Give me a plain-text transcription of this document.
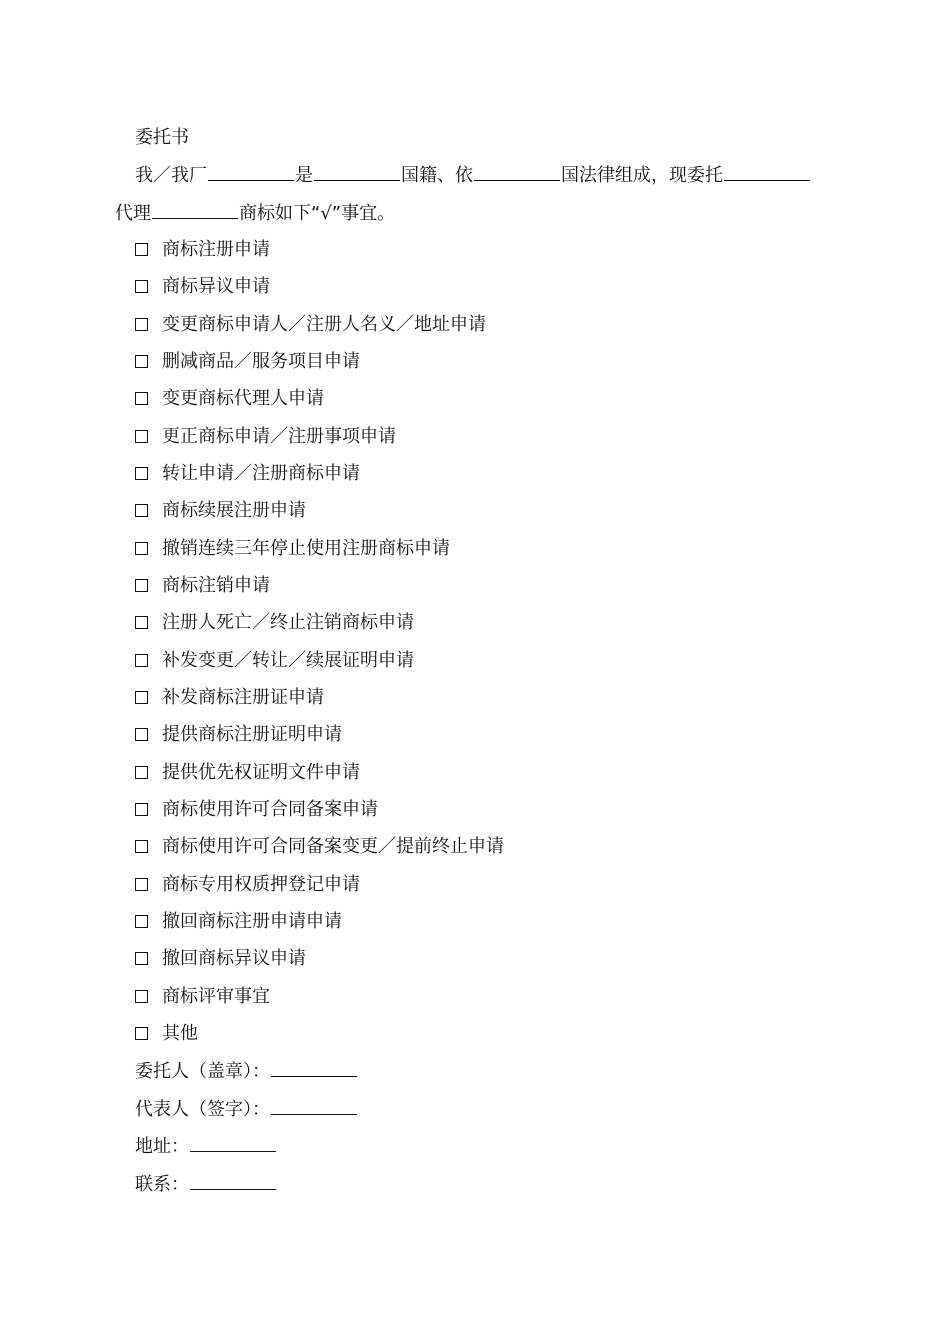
委托书
我／我厂	是	国籍、依	国法律组成，现委托
代理	商标如下“√”事宜。
商标注册申请
商标异议申请
变更商标申请人／注册人名义／地址申请
删减商品／服务项目申请
变更商标代理人申请
更正商标申请／注册事项申请
转让申请／注册商标申请
商标续展注册申请
撤销连续三年停止使用注册商标申请
商标注销申请
注册人死亡／终止注销商标申请
补发变更／转让／续展证明申请
补发商标注册证申请
提供商标注册证明申请
提供优先权证明文件申请
商标使用许可合同备案申请
商标使用许可合同备案变更／提前终止申请
商标专用权质押登记申请
撤回商标注册申请申请
撤回商标异议申请
商标评审事宜
其他
委托人（盖章）：
代表人（签字）：
地址：
联系：
